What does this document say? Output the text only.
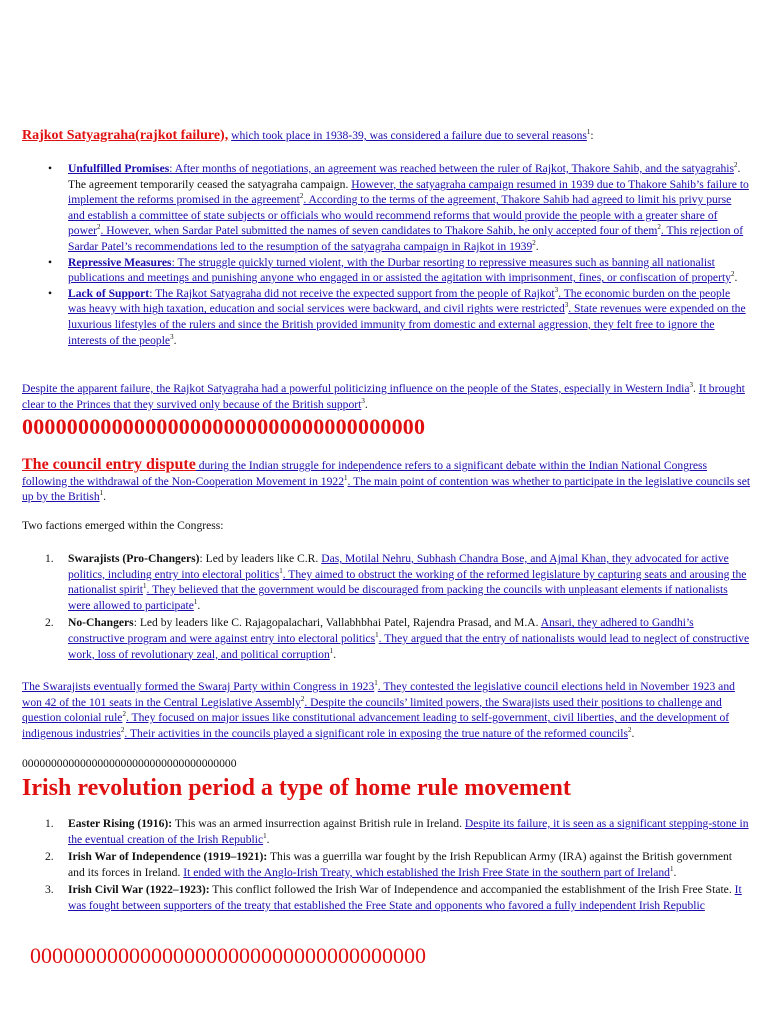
Rajkot Satyagraha(rajkot failure), which took place in 1938-39, was considered a failure due to several reasons$^1$:
• Unfulfilled Promises: After months of negotiations, an agreement was reached between the ruler of Rajkot, Thakore Sahib, and the satyagrahis$^2$. The agreement temporarily ceased the satyagraha campaign. However, the satyagraha campaign resumed in 1939 due to Thakore Sahib’s failure to implement the reforms promised in the agreement$^2$. According to the terms of the agreement, Thakore Sahib had agreed to limit his privy purse and establish a committee of state subjects or officials who would recommend reforms that would provide the people with a greater share of power$^2$. However, when Sardar Patel submitted the names of seven candidates to Thakore Sahib, he only accepted four of them$^2$. This rejection of Sardar Patel’s recommendations led to the resumption of the satyagraha campaign in Rajkot in 1939$^2$.
• Repressive Measures: The struggle quickly turned violent, with the Durbar resorting to repressive measures such as banning all nationalist publications and meetings and punishing anyone who engaged in or assisted the agitation with imprisonment, fines, or confiscation of property$^2$.
• Lack of Support: The Rajkot Satyagraha did not receive the expected support from the people of Rajkot$^3$. The economic burden on the people was heavy with high taxation, education and social services were backward, and civil rights were restricted$^3$. State revenues were expended on the luxurious lifestyles of the rulers and since the British provided immunity from domestic and external aggression, they felt free to ignore the interests of the people$^3$.
Despite the apparent failure, the Rajkot Satyagraha had a powerful politicizing influence on the people of the States, especially in Western India$^3$. It brought clear to the Princes that they survived only because of the British support$^3$.
000000000000000000000000000000000000
The council entry dispute during the Indian struggle for independence refers to a significant debate within the Indian National Congress following the withdrawal of the Non-Cooperation Movement in 1922$^1$. The main point of contention was whether to participate in the legislative councils set up by the British$^1$.
Two factions emerged within the Congress:
1. Swarajists (Pro-Changers): Led by leaders like C.R. Das, Motilal Nehru, Subhash Chandra Bose, and Ajmal Khan, they advocated for active politics, including entry into electoral politics$^1$. They aimed to obstruct the working of the reformed legislature by capturing seats and arousing the nationalist spirit$^1$. They believed that the government would be discouraged from packing the councils with unpleasant elements if nationalists were allowed to participate$^1$.
2. No-Changers: Led by leaders like C. Rajagopalachari, Vallabhbhai Patel, Rajendra Prasad, and M.A. Ansari, they adhered to Gandhi’s constructive program and were against entry into electoral politics$^1$. They argued that the entry of nationalists would lead to neglect of constructive work, loss of revolutionary zeal, and political corruption$^1$.
The Swarajists eventually formed the Swaraj Party within Congress in 1923$^1$. They contested the legislative council elections held in November 1923 and won 42 of the 101 seats in the Central Legislative Assembly$^2$. Despite the councils’ limited powers, the Swarajists used their positions to challenge and question colonial rule$^2$. They focused on major issues like constitutional advancement leading to self-government, civil liberties, and the development of indigenous industries$^2$. Their activities in the councils played a significant role in exposing the true nature of the reformed councils$^2$.
0000000000000000000000000000000000000
Irish revolution period a type of home rule movement
1. Easter Rising (1916): This was an armed insurrection against British rule in Ireland. Despite its failure, it is seen as a significant stepping-stone in the eventual creation of the Irish Republic$^1$.
2. Irish War of Independence (1919–1921): This was a guerrilla war fought by the Irish Republican Army (IRA) against the British government and its forces in Ireland. It ended with the Anglo-Irish Treaty, which established the Irish Free State in the southern part of Ireland$^1$.
3. Irish Civil War (1922–1923): This conflict followed the Irish War of Independence and accompanied the establishment of the Irish Free State. It was fought between supporters of the treaty that established the Free State and opponents who favored a fully independent Irish Republic
000000000000000000000000000000000000
